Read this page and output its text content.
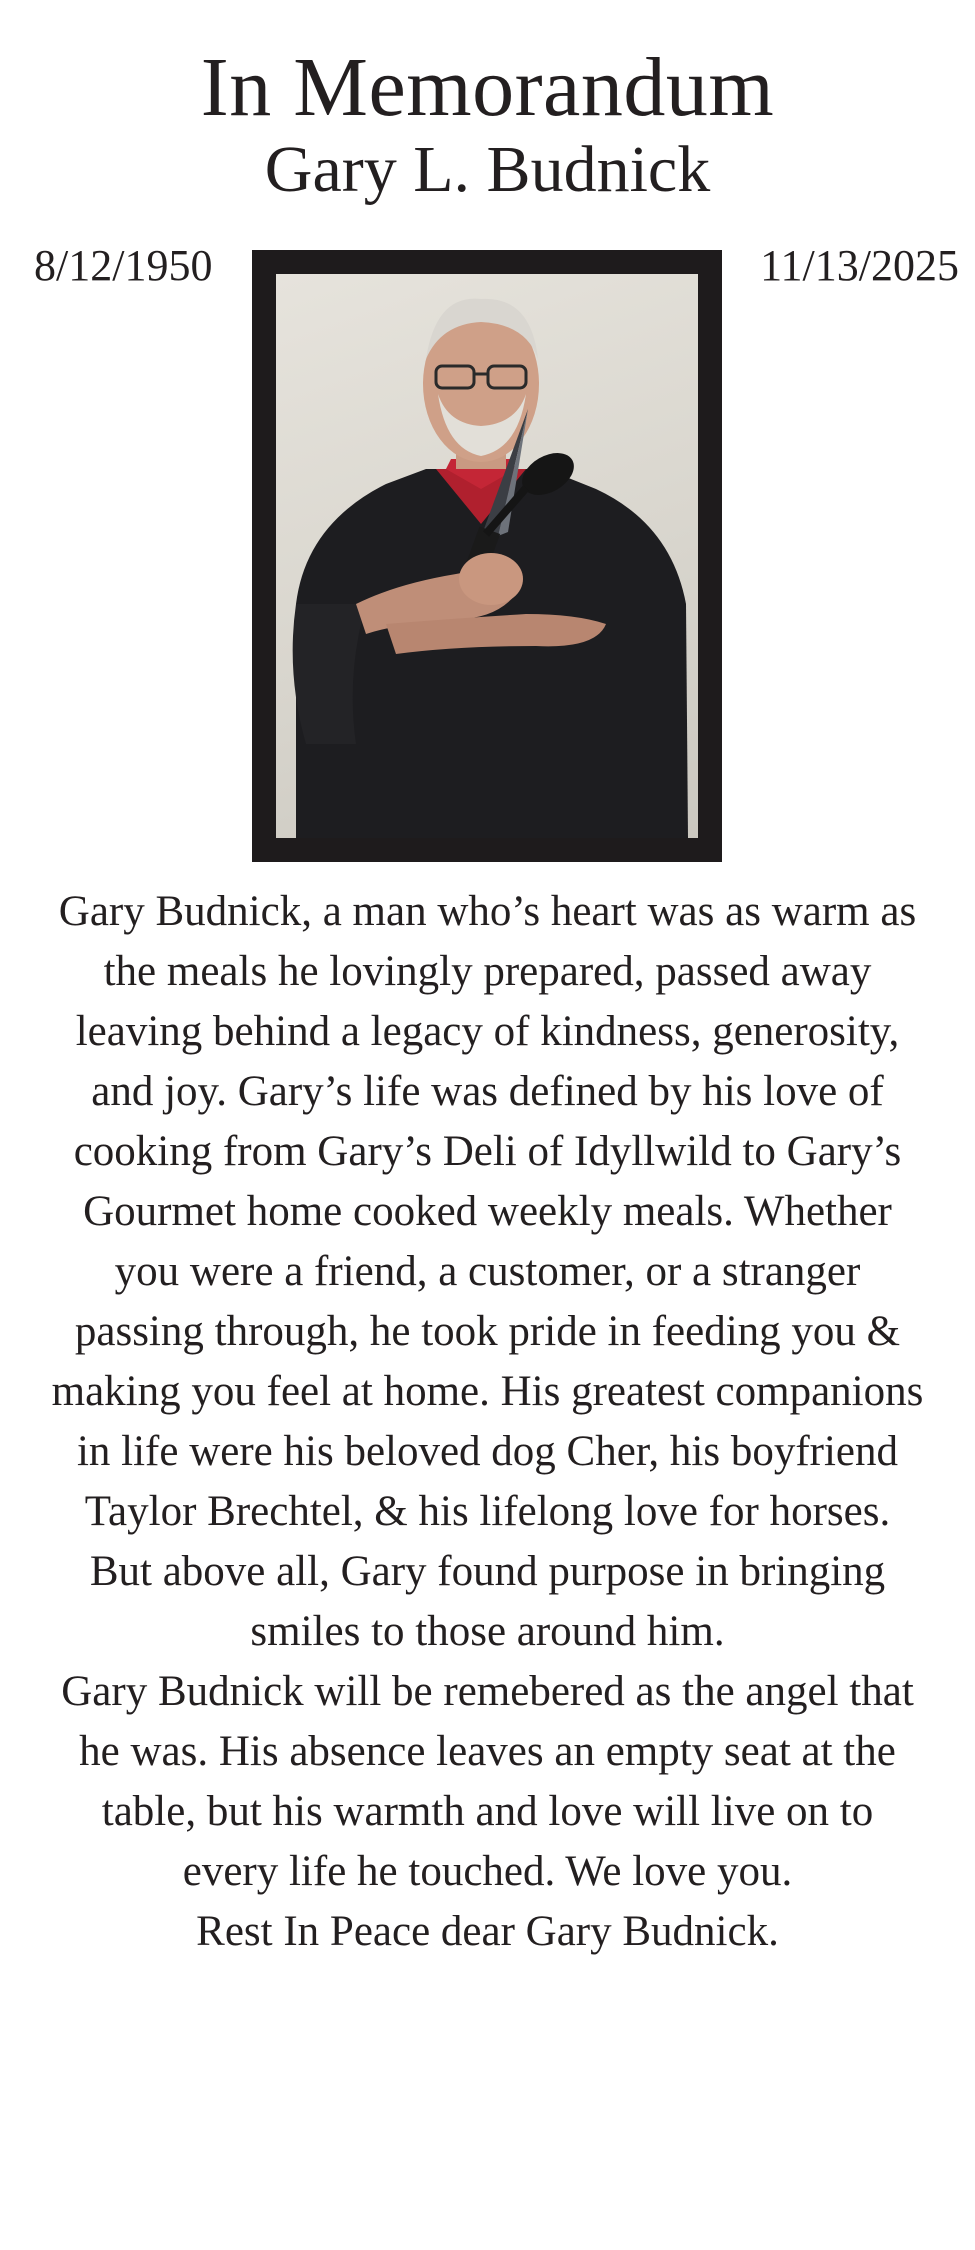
In Memorandum
Gary L. Budnick
8/12/1950	11/13/2025
Gary Budnick, a man who’s heart was as warm as the meals he lovingly prepared, passed away leaving behind a legacy of kindness, generosity, and joy. Gary’s life was defined by his love of cooking from Gary’s Deli of Idyllwild to Gary’s Gourmet home cooked weekly meals. Whether you were a friend, a customer, or a stranger passing through, he took pride in feeding you & making you feel at home. His greatest companions in life were his beloved dog Cher, his boyfriend Taylor Brechtel, & his lifelong love for horses. But above all, Gary found purpose in bringing smiles to those around him.
Gary Budnick will be remebered as the angel that he was. His absence leaves an empty seat at the table, but his warmth and love will live on to every life he touched. We love you.
Rest In Peace dear Gary Budnick.
